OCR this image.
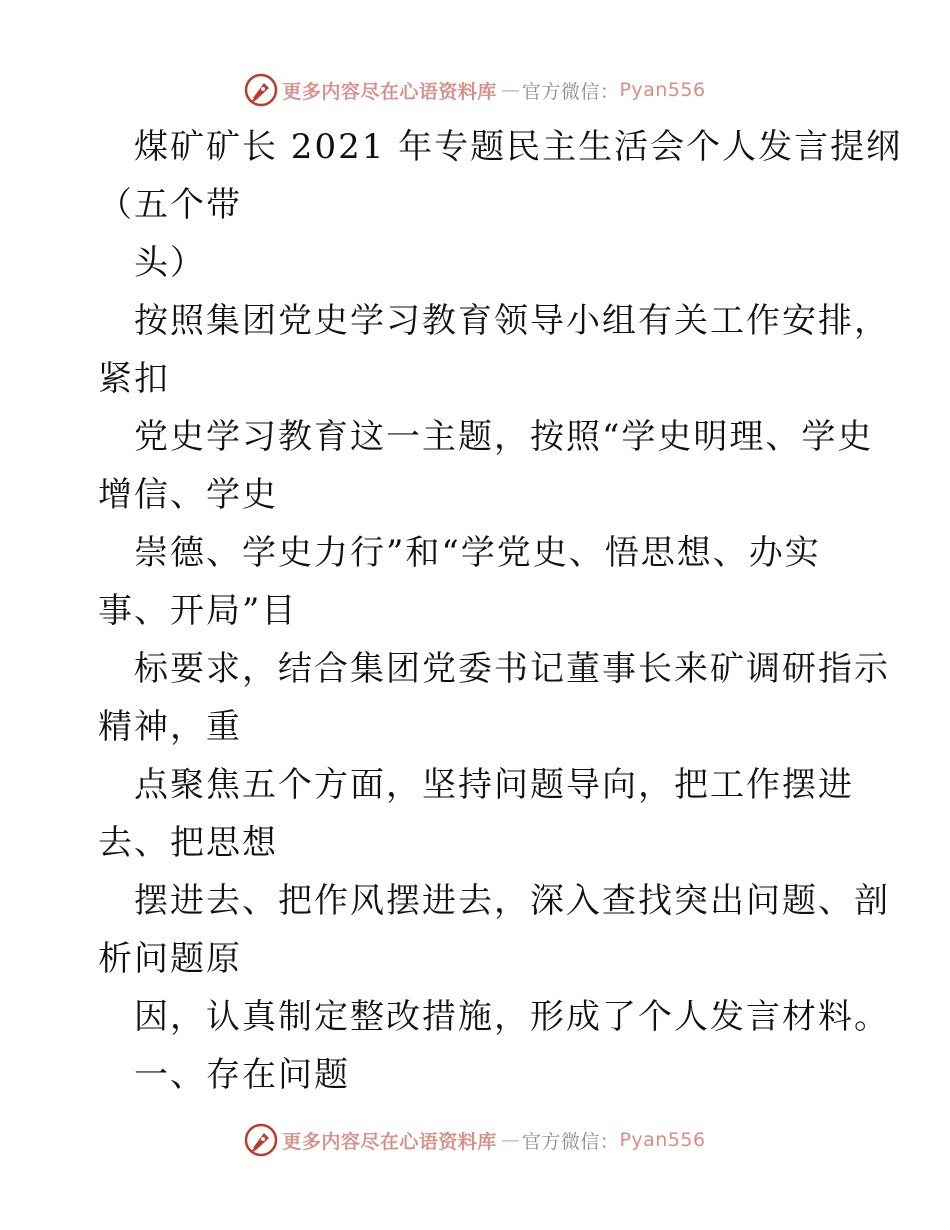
更多内容尽在心语资料库 — 官方微信： Pyan556
煤矿矿长 2021 年专题民主生活会个人发言提纲
（五个带
头）
按照集团党史学习教育领导小组有关工作安排，
紧扣
党史学习教育这一主题，按照“学史明理、学史
增信、学史
崇德、学史力行”和“学党史、悟思想、办实
事、开局”目
标要求，结合集团党委书记董事长来矿调研指示
精神，重
点聚焦五个方面，坚持问题导向，把工作摆进
去、把思想
摆进去、把作风摆进去，深入查找突出问题、剖
析问题原
因，认真制定整改措施，形成了个人发言材料。
一、存在问题
更多内容尽在心语资料库 — 官方微信： Pyan556
